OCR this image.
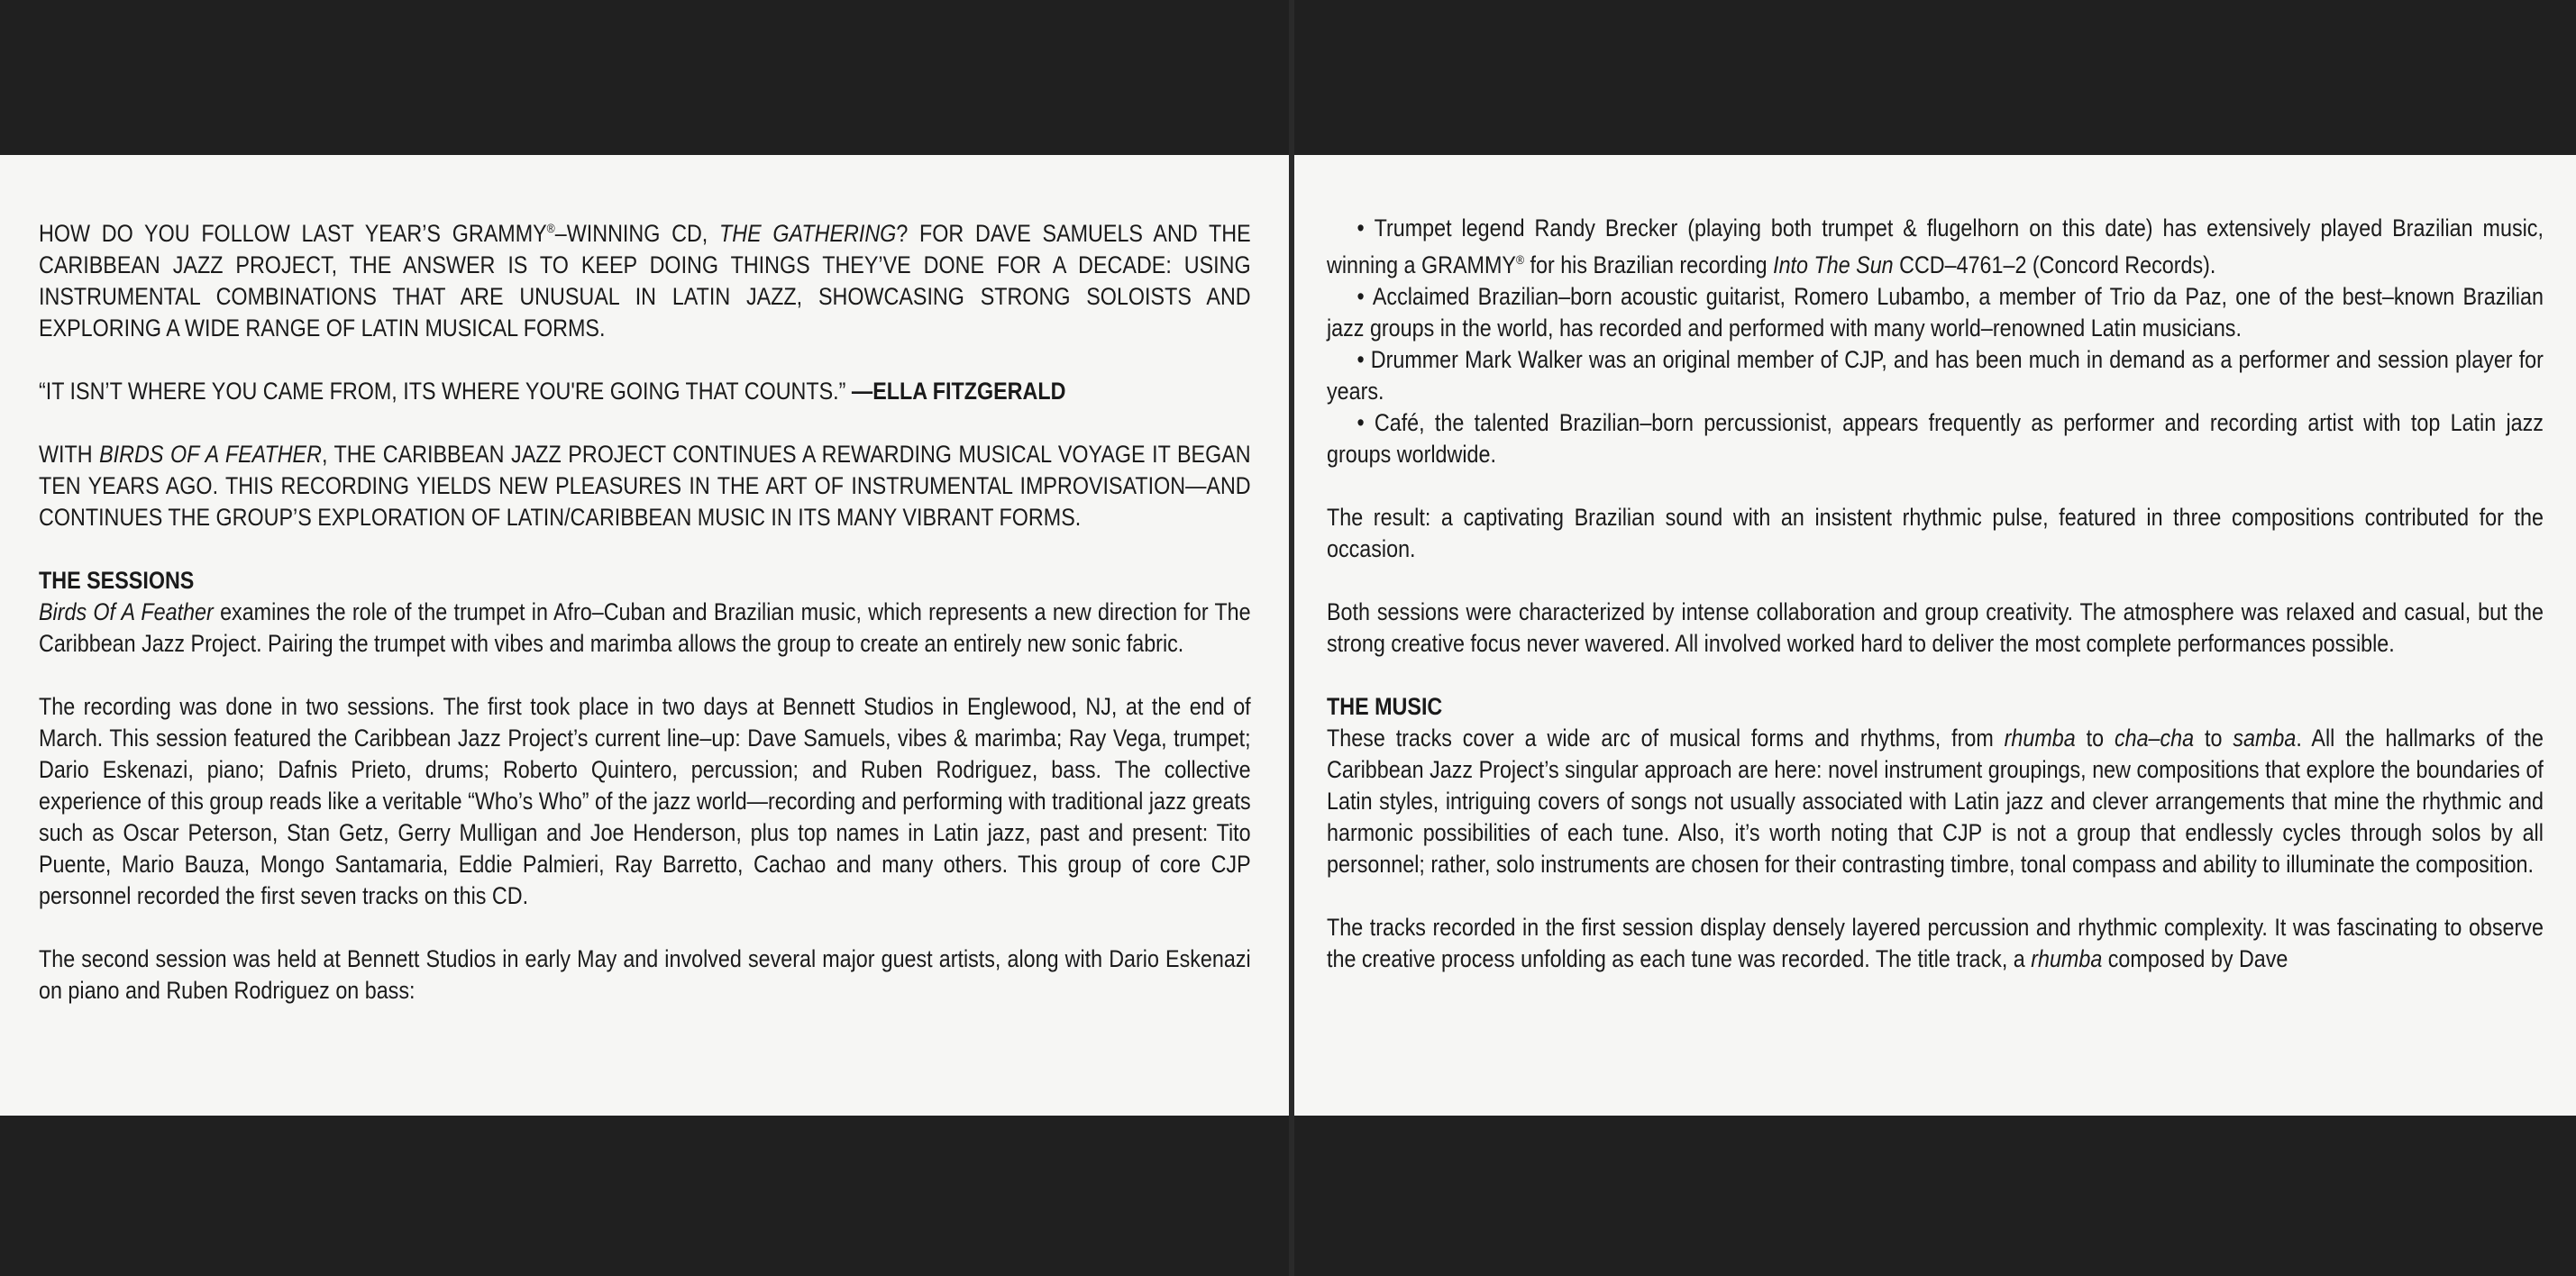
HOW DO YOU FOLLOW LAST YEAR’S GRAMMY®–WINNING CD, THE GATHERING? FOR DAVE SAMUELS AND THE CARIBBEAN JAZZ PROJECT, THE ANSWER IS TO KEEP DOING THINGS THEY’VE DONE FOR A DECADE: USING INSTRUMENTAL COMBINATIONS THAT ARE UNUSUAL IN LATIN JAZZ, SHOWCASING STRONG SOLOISTS AND EXPLORING A WIDE RANGE OF LATIN MUSICAL FORMS.

“IT ISN’T WHERE YOU CAME FROM, ITS WHERE YOU'RE GOING THAT COUNTS.” —ELLA FITZGERALD

WITH BIRDS OF A FEATHER, THE CARIBBEAN JAZZ PROJECT CONTINUES A REWARDING MUSICAL VOYAGE IT BEGAN TEN YEARS AGO. THIS RECORDING YIELDS NEW PLEASURES IN THE ART OF INSTRUMENTAL IMPROVISATION—AND CONTINUES THE GROUP’S EXPLORATION OF LATIN/CARIBBEAN MUSIC IN ITS MANY VIBRANT FORMS.

THE SESSIONS
Birds Of A Feather examines the role of the trumpet in Afro–Cuban and Brazilian music, which represents a new direction for The Caribbean Jazz Project. Pairing the trumpet with vibes and marimba allows the group to create an entirely new sonic fabric.

The recording was done in two sessions. The first took place in two days at Bennett Studios in Englewood, NJ, at the end of March. This session featured the Caribbean Jazz Project’s current line–up: Dave Samuels, vibes & marimba; Ray Vega, trumpet; Dario Eskenazi, piano; Dafnis Prieto, drums; Roberto Quintero, percussion; and Ruben Rodriguez, bass. The collective experience of this group reads like a veritable “Who’s Who” of the jazz world—recording and performing with traditional jazz greats such as Oscar Peterson, Stan Getz, Gerry Mulligan and Joe Henderson, plus top names in Latin jazz, past and present: Tito Puente, Mario Bauza, Mongo Santamaria, Eddie Palmieri, Ray Barretto, Cachao and many others. This group of core CJP personnel recorded the first seven tracks on this CD.

The second session was held at Bennett Studios in early May and involved several major guest artists, along with Dario Eskenazi on piano and Ruben Rodriguez on bass:

• Trumpet legend Randy Brecker (playing both trumpet & flugelhorn on this date) has extensively played Brazilian music, winning a GRAMMY® for his Brazilian recording Into The Sun CCD–4761–2 (Concord Records).
• Acclaimed Brazilian–born acoustic guitarist, Romero Lubambo, a member of Trio da Paz, one of the best–known Brazilian jazz groups in the world, has recorded and performed with many world–renowned Latin musicians.
• Drummer Mark Walker was an original member of CJP, and has been much in demand as a performer and session player for years.
• Café, the talented Brazilian–born percussionist, appears frequently as performer and recording artist with top Latin jazz groups worldwide.

The result: a captivating Brazilian sound with an insistent rhythmic pulse, featured in three compositions contributed for the occasion.

Both sessions were characterized by intense collaboration and group creativity. The atmosphere was relaxed and casual, but the strong creative focus never wavered. All involved worked hard to deliver the most complete performances possible.

THE MUSIC
These tracks cover a wide arc of musical forms and rhythms, from rhumba to cha–cha to samba. All the hallmarks of the Caribbean Jazz Project’s singular approach are here: novel instrument groupings, new compositions that explore the boundaries of Latin styles, intriguing covers of songs not usually associated with Latin jazz and clever arrangements that mine the rhythmic and harmonic possibilities of each tune. Also, it’s worth noting that CJP is not a group that endlessly cycles through solos by all personnel; rather, solo instruments are chosen for their contrasting timbre, tonal compass and ability to illuminate the composition.

The tracks recorded in the first session display densely layered percussion and rhythmic complexity. It was fascinating to observe the creative process unfolding as each tune was recorded. The title track, a rhumba composed by Dave
